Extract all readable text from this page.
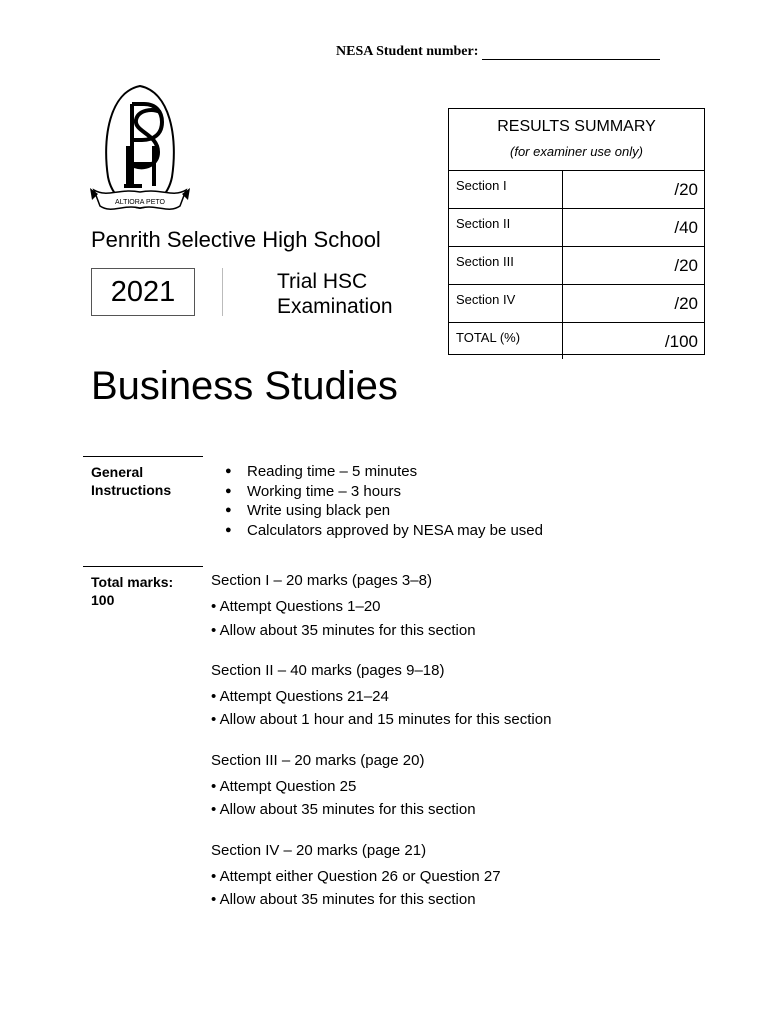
NESA Student number:
ALTIORA PETO
Penrith Selective High School
2021	Trial HSC
Examination
Business Studies
RESULTS SUMMARY
(for examiner use only)
Section I	/20
Section II	/40
Section III	/20
Section IV	/20
TOTAL (%)	/100
General
Instructions
● Reading time – 5 minutes
● Working time – 3 hours
● Write using black pen
● Calculators approved by NESA may be used
Total marks:
100
Section I – 20 marks (pages 3–8)
• Attempt Questions 1–20
• Allow about 35 minutes for this section
Section II – 40 marks (pages 9–18)
• Attempt Questions 21–24
• Allow about 1 hour and 15 minutes for this section
Section III – 20 marks (page 20)
• Attempt Question 25
• Allow about 35 minutes for this section
Section IV – 20 marks (page 21)
• Attempt either Question 26 or Question 27
• Allow about 35 minutes for this section
